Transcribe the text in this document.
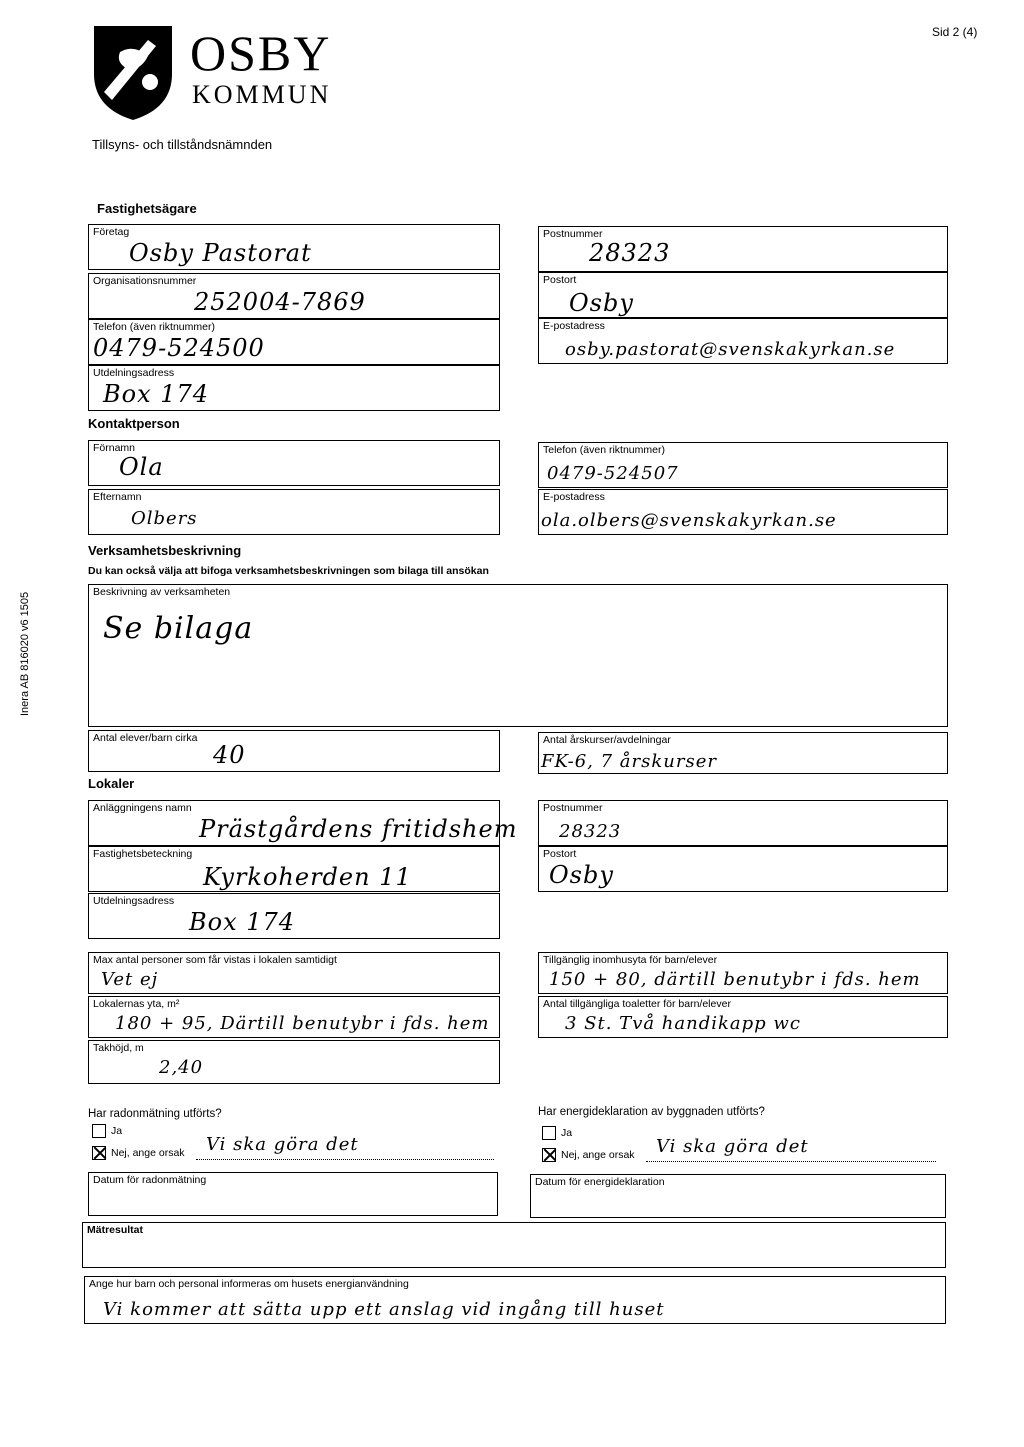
OSBY
KOMMUN
Sid 2 (4)
Tillsyns- och tillståndsnämnden
Inera AB 816020 v6 1505
Fastighetsägare
Företag
Osby Pastorat
Organisationsnummer
252004-7869
Telefon (även riktnummer)
0479-524500
Utdelningsadress
Box 174
Postnummer
28323
Postort
Osby
E-postadress
osby.pastorat@svenskakyrkan.se
Kontaktperson
Förnamn
Ola
Efternamn
Olbers
Telefon (även riktnummer)
0479-524507
E-postadress
ola.olbers@svenskakyrkan.se
Verksamhetsbeskrivning
Du kan också välja att bifoga verksamhetsbeskrivningen som bilaga till ansökan
Beskrivning av verksamheten
Se bilaga
Antal elever/barn cirka
40
Antal årskurser/avdelningar
FK-6, 7 årskurser
Lokaler
Anläggningens namn
Prästgårdens fritidshem
Fastighetsbeteckning
Kyrkoherden 11
Utdelningsadress
Box 174
Postnummer
28323
Postort
Osby
Max antal personer som får vistas i lokalen samtidigt
Vet ej
Tillgänglig inomhusyta för barn/elever
150 + 80, därtill benutybr i fds. hem
Lokalernas yta, m²
180 + 95, Därtill benutybr i fds. hem
Antal tillgängliga toaletter för barn/elever
3 St. Två handikapp wc
Takhöjd, m
2,40
Har radonmätning utförts?
Ja
Nej, ange orsak Vi ska göra det
Datum för radonmätning
Har energideklaration av byggnaden utförts?
Ja
Nej, ange orsak Vi ska göra det
Datum för energideklaration
Mätresultat
Ange hur barn och personal informeras om husets energianvändning
Vi kommer att sätta upp ett anslag vid ingång till huset
